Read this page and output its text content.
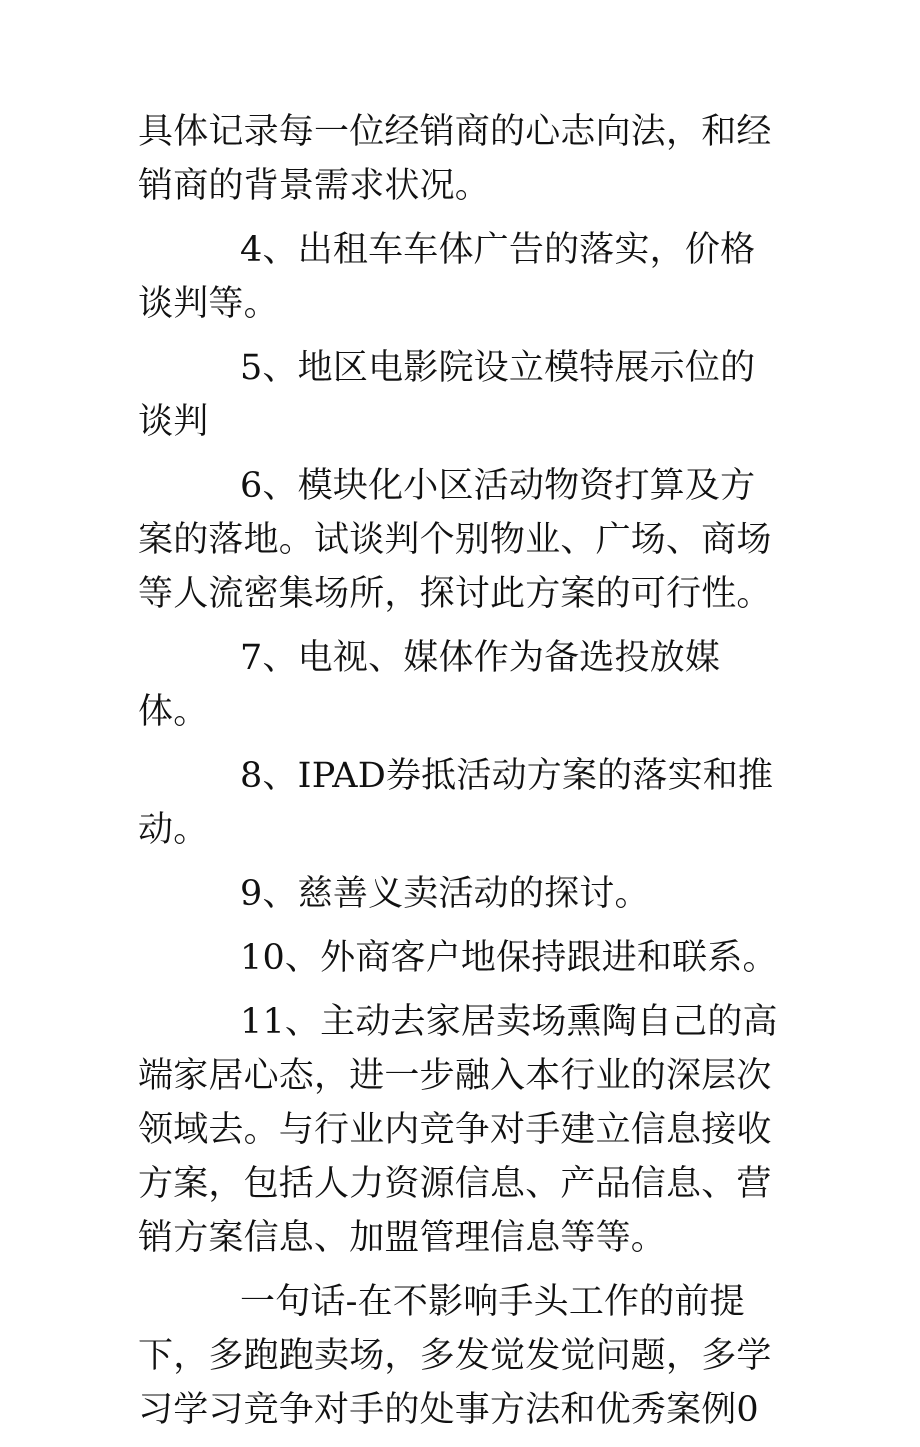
具体记录每一位经销商的心志向法，和经销商的背景需求状况。

4、出租车车体广告的落实，价格谈判等。

5、地区电影院设立模特展示位的谈判

6、模块化小区活动物资打算及方案的落地。试谈判个别物业、广场、商场等人流密集场所，探讨此方案的可行性。

7、电视、媒体作为备选投放媒体。

8、IPAD券抵活动方案的落实和推动。

9、慈善义卖活动的探讨。

10、外商客户地保持跟进和联系。

11、主动去家居卖场熏陶自己的高端家居心态，进一步融入本行业的深层次领域去。与行业内竞争对手建立信息接收方案，包括人力资源信息、产品信息、营销方案信息、加盟管理信息等等。

一句话-在不影响手头工作的前提下，多跑跑卖场，多发觉发觉问题，多学习学习竞争对手的处事方法和优秀案例0
